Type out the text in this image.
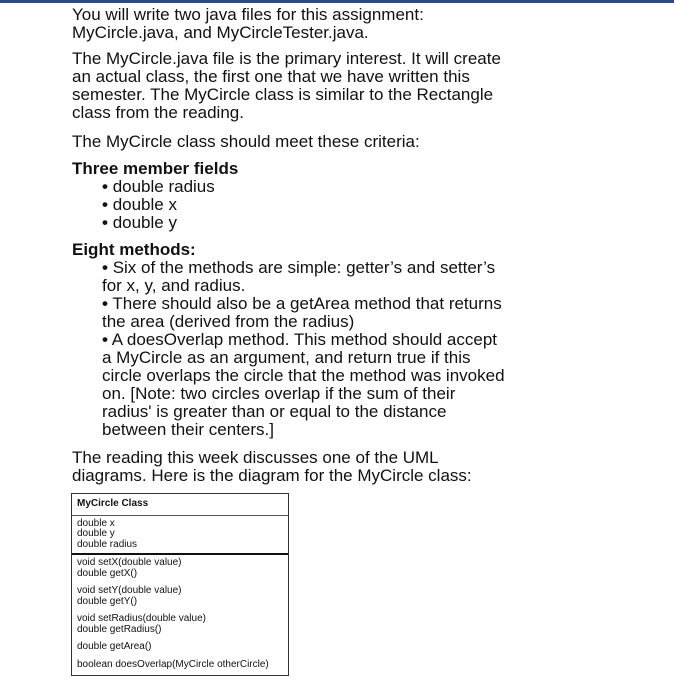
You will write two java files for this assignment:

MyCircle.java, and MyCircleTester.java.

The MyCircle.java file is the primary interest. It will create

an actual class, the first one that we have written this

semester. The MyCircle class is similar to the Rectangle

class from the reading.

The MyCircle class should meet these criteria:

Three member fields

• double radius

• double x

• double y

Eight methods:

• Six of the methods are simple: getter’s and setter’s

for x, y, and radius.

• There should also be a getArea method that returns

the area (derived from the radius)

• A doesOverlap method. This method should accept

a MyCircle as an argument, and return true if this

circle overlaps the circle that the method was invoked

on. [Note: two circles overlap if the sum of their

radius' is greater than or equal to the distance

between their centers.]

The reading this week discusses one of the UML

diagrams. Here is the diagram for the MyCircle class:

MyCircle Class
double x
double y
double radius
void setX(double value)
double getX()
void setY(double value)
double getY()
void setRadius(double value)
double getRadius()
double getArea()
boolean doesOverlap(MyCircle otherCircle)
